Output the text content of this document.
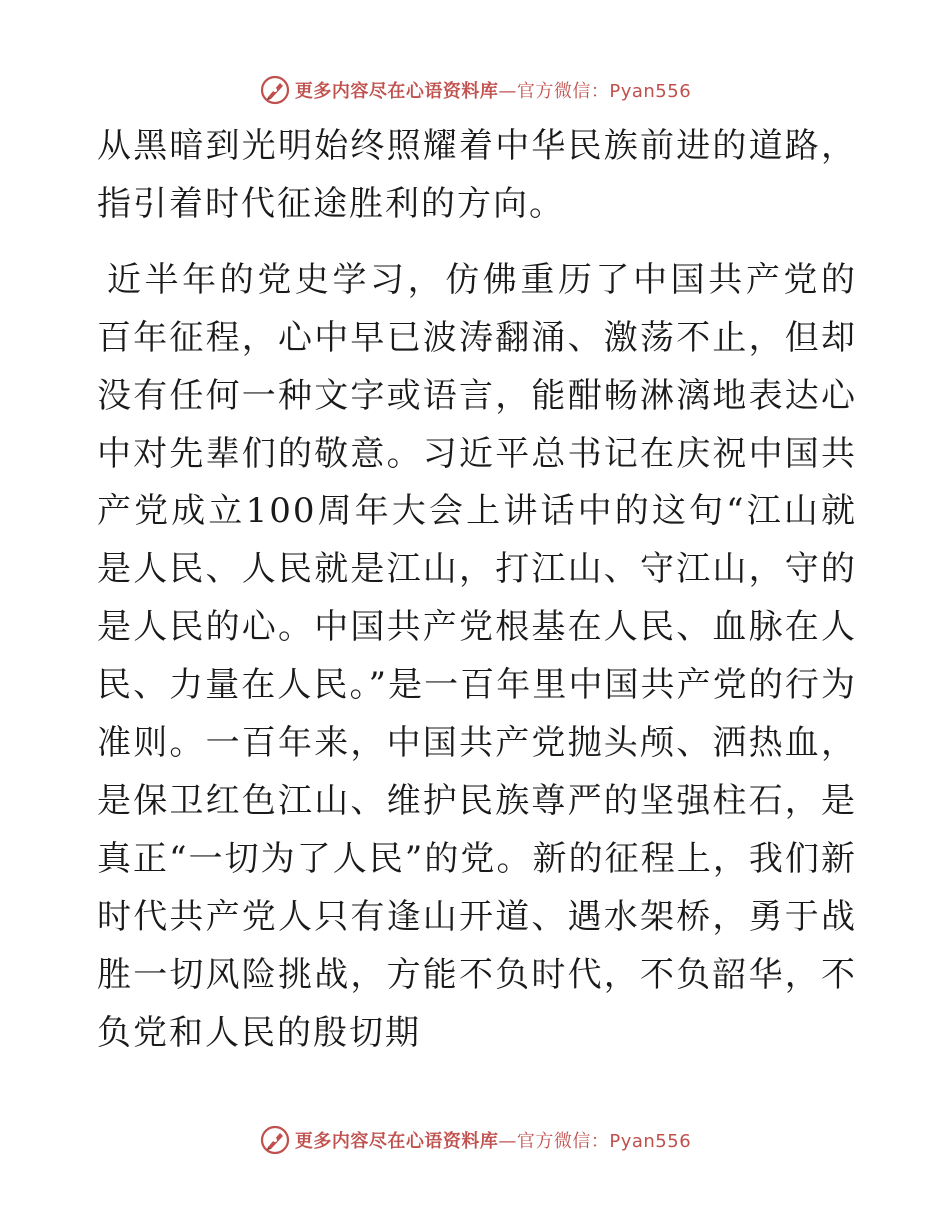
更多内容尽在心语资料库—官方微信：Pyan556

从黑暗到光明始终照耀着中华民族前进的道路，指引着时代征途胜利的方向。

近半年的党史学习，仿佛重历了中国共产党的百年征程，心中早已波涛翻涌、激荡不止，但却没有任何一种文字或语言，能酣畅淋漓地表达心中对先辈们的敬意。习近平总书记在庆祝中国共产党成立100周年大会上讲话中的这句“江山就是人民、人民就是江山，打江山、守江山，守的是人民的心。中国共产党根基在人民、血脉在人民、力量在人民。”是一百年里中国共产党的行为准则。一百年来，中国共产党抛头颅、洒热血，是保卫红色江山、维护民族尊严的坚强柱石，是真正“一切为了人民”的党。新的征程上，我们新时代共产党人只有逢山开道、遇水架桥，勇于战胜一切风险挑战，方能不负时代，不负韶华，不负党和人民的殷切期

更多内容尽在心语资料库—官方微信：Pyan556
